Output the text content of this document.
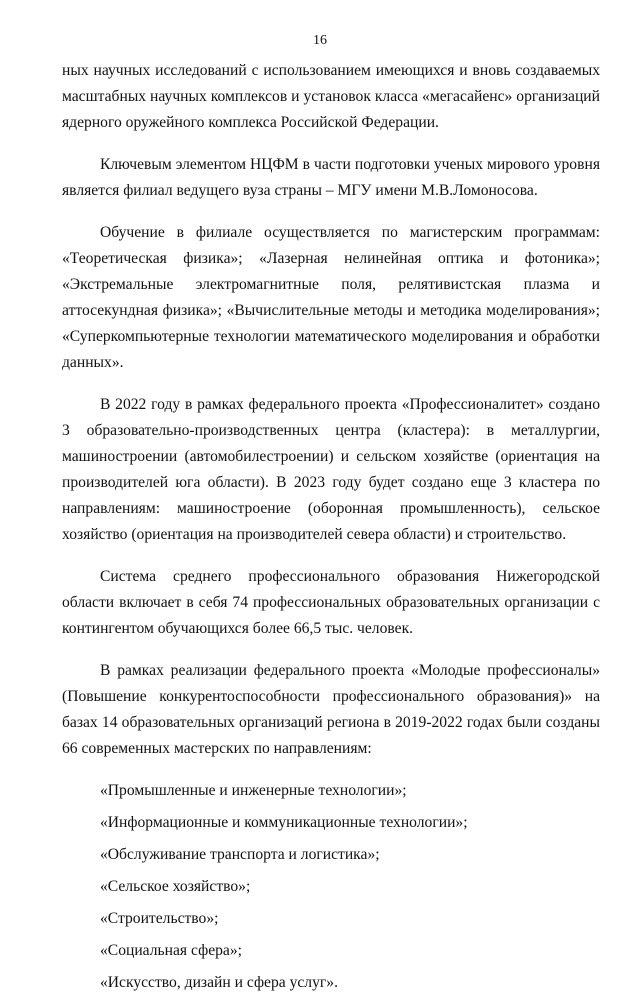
16

ных научных исследований с использованием имеющихся и вновь создаваемых масштабных научных комплексов и установок класса «мегасайенс» организаций ядерного оружейного комплекса Российской Федерации.

Ключевым элементом НЦФМ в части подготовки ученых мирового уровня является филиал ведущего вуза страны – МГУ имени М.В.Ломоносова.

Обучение в филиале осуществляется по магистерским программам: «Теоретическая физика»; «Лазерная нелинейная оптика и фотоника»; «Экстремальные электромагнитные поля, релятивистская плазма и аттосекундная физика»; «Вычислительные методы и методика моделирования»; «Суперкомпьютерные технологии математического моделирования и обработки данных».

В 2022 году в рамках федерального проекта «Профессионалитет» создано 3 образовательно-производственных центра (кластера): в металлургии, машиностроении (автомобилестроении) и сельском хозяйстве (ориентация на производителей юга области). В 2023 году будет создано еще 3 кластера по направлениям: машиностроение (оборонная промышленность), сельское хозяйство (ориентация на производителей севера области) и строительство.

Система среднего профессионального образования Нижегородской области включает в себя 74 профессиональных образовательных организации с контингентом обучающихся более 66,5 тыс. человек.

В рамках реализации федерального проекта «Молодые профессионалы» (Повышение конкурентоспособности профессионального образования)» на базах 14 образовательных организаций региона в 2019-2022 годах были созданы 66 современных мастерских по направлениям:

«Промышленные и инженерные технологии»;

«Информационные и коммуникационные технологии»;

«Обслуживание транспорта и логистика»;

«Сельское хозяйство»;

«Строительство»;

«Социальная сфера»;

«Искусство, дизайн и сфера услуг».
